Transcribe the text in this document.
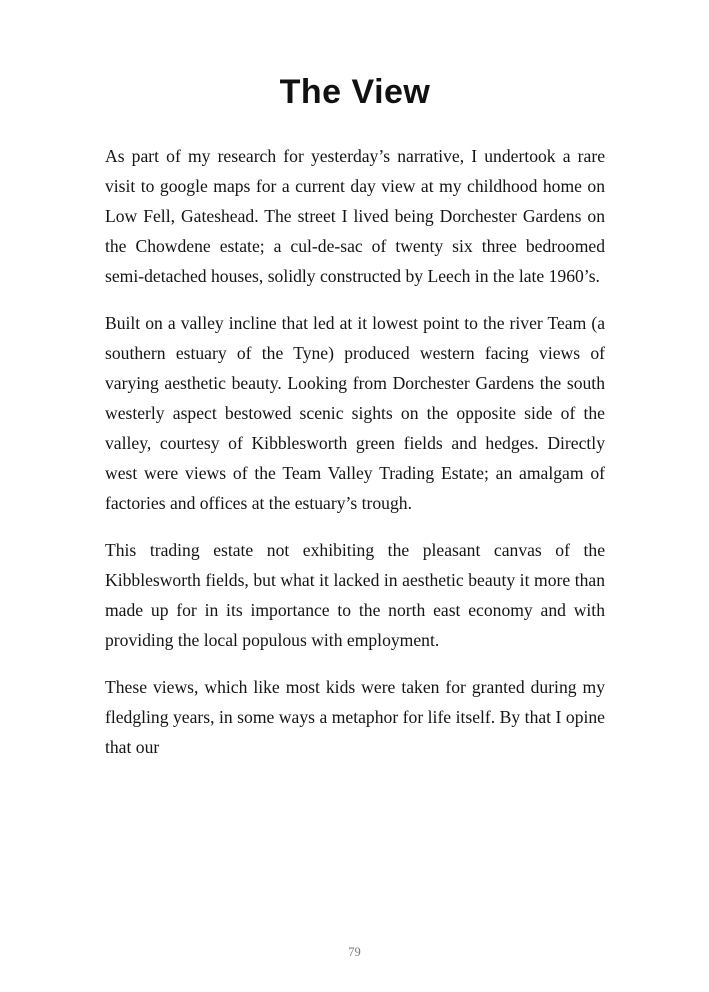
The View

As part of my research for yesterday’s narrative, I undertook a rare visit to google maps for a current day view at my childhood home on Low Fell, Gateshead. The street I lived being Dorchester Gardens on the Chowdene estate; a cul-de-sac of twenty six three bedroomed semi-detached houses, solidly constructed by Leech in the late 1960’s.

Built on a valley incline that led at it lowest point to the river Team (a southern estuary of the Tyne) produced western facing views of varying aesthetic beauty. Looking from Dorchester Gardens the south westerly aspect bestowed scenic sights on the opposite side of the valley, courtesy of Kibblesworth green fields and hedges. Directly west were views of the Team Valley Trading Estate; an amalgam of factories and offices at the estuary’s trough.

This trading estate not exhibiting the pleasant canvas of the Kibblesworth fields, but what it lacked in aesthetic beauty it more than made up for in its importance to the north east economy and with providing the local populous with employment.

These views, which like most kids were taken for granted during my fledgling years, in some ways a metaphor for life itself. By that I opine that our

79
